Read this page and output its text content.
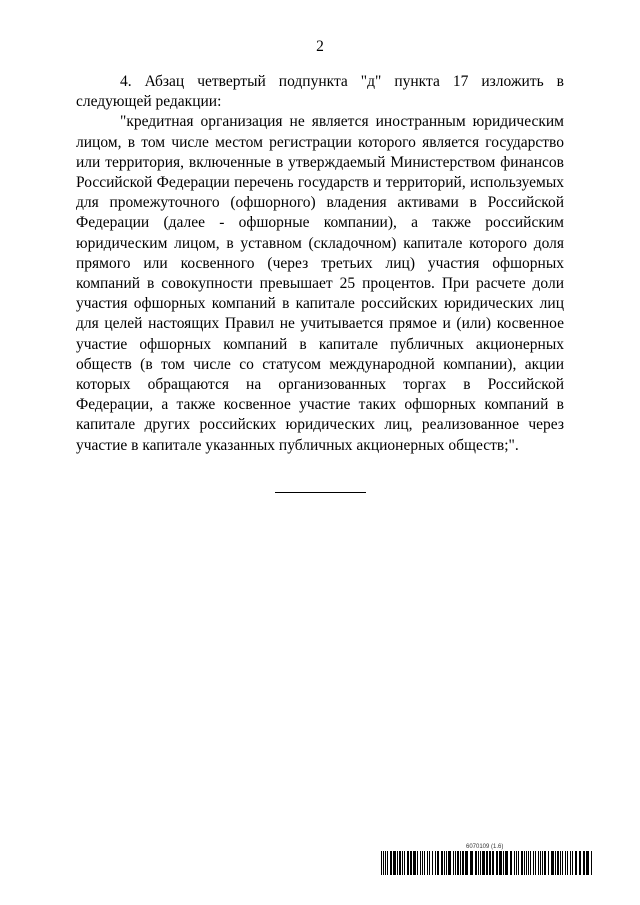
2

4. Абзац четвертый подпункта "д" пункта 17 изложить в следующей редакции:

"кредитная организация не является иностранным юридическим лицом, в том числе местом регистрации которого является государство или территория, включенные в утверждаемый Министерством финансов Российской Федерации перечень государств и территорий, используемых для промежуточного (офшорного) владения активами в Российской Федерации (далее - офшорные компании), а также российским юридическим лицом, в уставном (складочном) капитале которого доля прямого или косвенного (через третьих лиц) участия офшорных компаний в совокупности превышает 25 процентов. При расчете доли участия офшорных компаний в капитале российских юридических лиц для целей настоящих Правил не учитывается прямое и (или) косвенное участие офшорных компаний в капитале публичных акционерных обществ (в том числе со статусом международной компании), акции которых обращаются на организованных торгах в Российской Федерации, а также косвенное участие таких офшорных компаний в капитале других российских юридических лиц, реализованное через участие в капитале указанных публичных акционерных обществ;".

6070109 (1.6)
